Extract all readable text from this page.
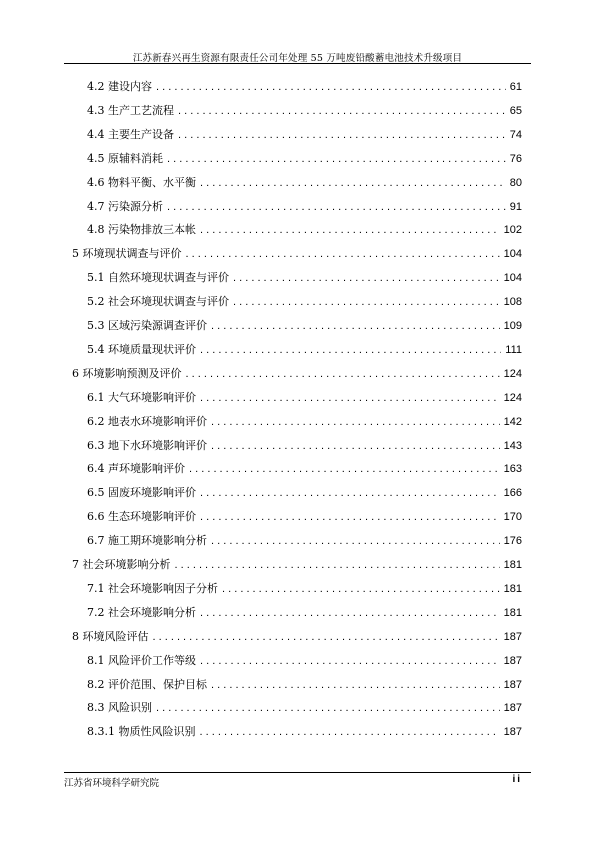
江苏新春兴再生资源有限责任公司年处理 55 万吨废铅酸蓄电池技术升级项目
4.2 建设内容 . . .	61
4.3 生产工艺流程 . . .	65
4.4 主要生产设备 . . .	74
4.5 原辅料消耗 . . .	76
4.6 物料平衡、水平衡 . . .	80
4.7 污染源分析 . . .	91
4.8 污染物排放三本帐 . . .	102
5 环境现状调查与评价 . . .	104
5.1 自然环境现状调查与评价 . . .	104
5.2 社会环境现状调查与评价 . . .	108
5.3 区域污染源调查评价 . . .	109
5.4 环境质量现状评价 . . .	111
6 环境影响预测及评价 . . .	124
6.1 大气环境影响评价 . . .	124
6.2 地表水环境影响评价 . . .	142
6.3 地下水环境影响评价 . . .	143
6.4 声环境影响评价 . . .	163
6.5 固废环境影响评价 . . .	166
6.6 生态环境影响评价 . . .	170
6.7 施工期环境影响分析 . . .	176
7 社会环境影响分析 . . .	181
7.1 社会环境影响因子分析 . . .	181
7.2 社会环境影响分析 . . .	181
8 环境风险评估 . . .	187
8.1 风险评价工作等级 . . .	187
8.2 评价范围、保护目标 . . .	187
8.3 风险识别 . . .	187
8.3.1 物质性风险识别 . . .	187
江苏省环境科学研究院	ii
